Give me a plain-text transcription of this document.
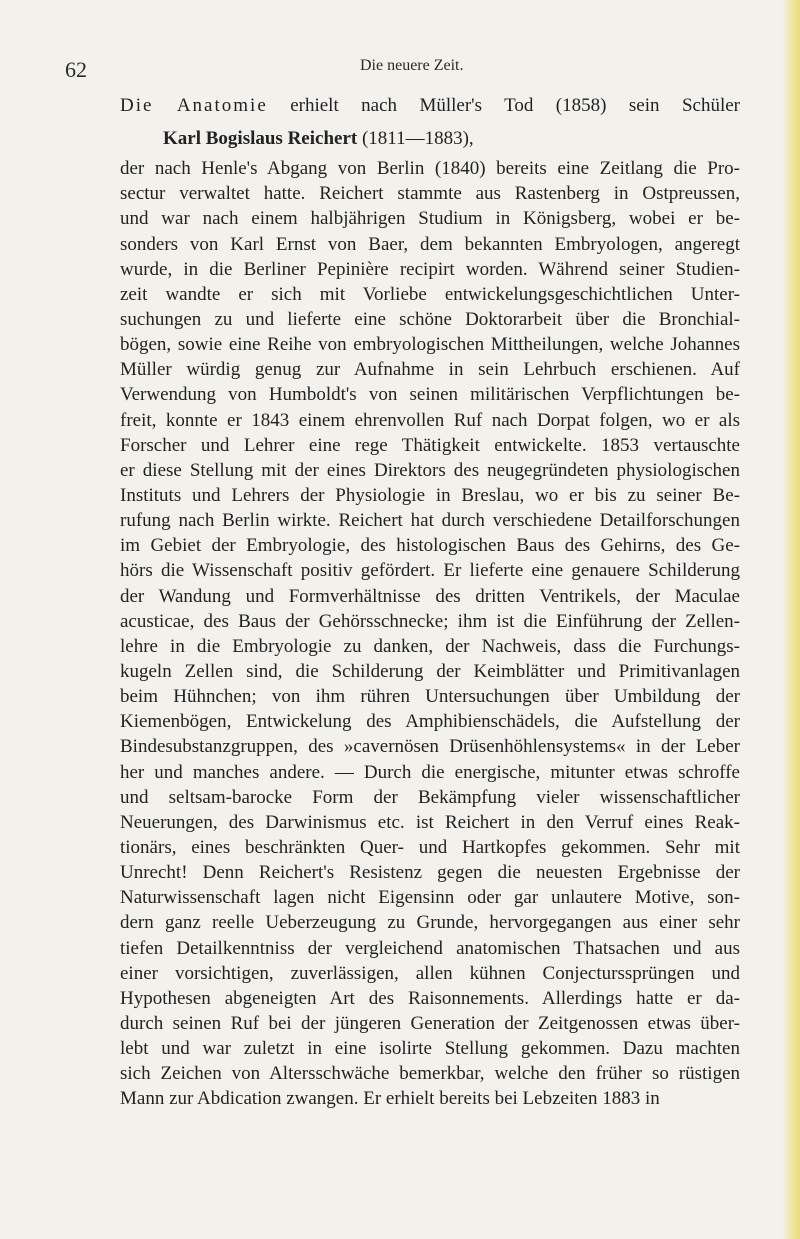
62	Die neuere Zeit.
Die Anatomie erhielt nach Müller's Tod (1858) sein Schüler
Karl Bogislaus Reichert (1811—1883),
der nach Henle's Abgang von Berlin (1840) bereits eine Zeitlang die Pro-
sectur verwaltet hatte. Reichert stammte aus Rastenberg in Ostpreussen,
und war nach einem halbjährigen Studium in Königsberg, wobei er be-
sonders von Karl Ernst von Baer, dem bekannten Embryologen, angeregt
wurde, in die Berliner Pepinière recipirt worden. Während seiner Studien-
zeit wandte er sich mit Vorliebe entwickelungsgeschichtlichen Unter-
suchungen zu und lieferte eine schöne Doktorarbeit über die Bronchial-
bögen, sowie eine Reihe von embryologischen Mittheilungen, welche Johannes
Müller würdig genug zur Aufnahme in sein Lehrbuch erschienen. Auf
Verwendung von Humboldt's von seinen militärischen Verpflichtungen be-
freit, konnte er 1843 einem ehrenvollen Ruf nach Dorpat folgen, wo er als
Forscher und Lehrer eine rege Thätigkeit entwickelte. 1853 vertauschte
er diese Stellung mit der eines Direktors des neugegründeten physiologischen
Instituts und Lehrers der Physiologie in Breslau, wo er bis zu seiner Be-
rufung nach Berlin wirkte. Reichert hat durch verschiedene Detailforschungen
im Gebiet der Embryologie, des histologischen Baus des Gehirns, des Ge-
hörs die Wissenschaft positiv gefördert. Er lieferte eine genauere Schilderung
der Wandung und Formverhältnisse des dritten Ventrikels, der Maculae
acusticae, des Baus der Gehörsschnecke; ihm ist die Einführung der Zellen-
lehre in die Embryologie zu danken, der Nachweis, dass die Furchungs-
kugeln Zellen sind, die Schilderung der Keimblätter und Primitivanlagen
beim Hühnchen; von ihm rühren Untersuchungen über Umbildung der
Kiemenbögen, Entwickelung des Amphibienschädels, die Aufstellung der
Bindesubstanzgruppen, des »cavernösen Drüsenhöhlensystems« in der Leber
her und manches andere. — Durch die energische, mitunter etwas schroffe
und seltsam-barocke Form der Bekämpfung vieler wissenschaftlicher
Neuerungen, des Darwinismus etc. ist Reichert in den Verruf eines Reak-
tionärs, eines beschränkten Quer- und Hartkopfes gekommen. Sehr mit
Unrecht! Denn Reichert's Resistenz gegen die neuesten Ergebnisse der
Naturwissenschaft lagen nicht Eigensinn oder gar unlautere Motive, son-
dern ganz reelle Ueberzeugung zu Grunde, hervorgegangen aus einer sehr
tiefen Detailkenntniss der vergleichend anatomischen Thatsachen und aus
einer vorsichtigen, zuverlässigen, allen kühnen Conjecturssprüngen und
Hypothesen abgeneigten Art des Raisonnements. Allerdings hatte er da-
durch seinen Ruf bei der jüngeren Generation der Zeitgenossen etwas über-
lebt und war zuletzt in eine isolirte Stellung gekommen. Dazu machten
sich Zeichen von Altersschwäche bemerkbar, welche den früher so rüstigen
Mann zur Abdication zwangen. Er erhielt bereits bei Lebzeiten 1883 in
